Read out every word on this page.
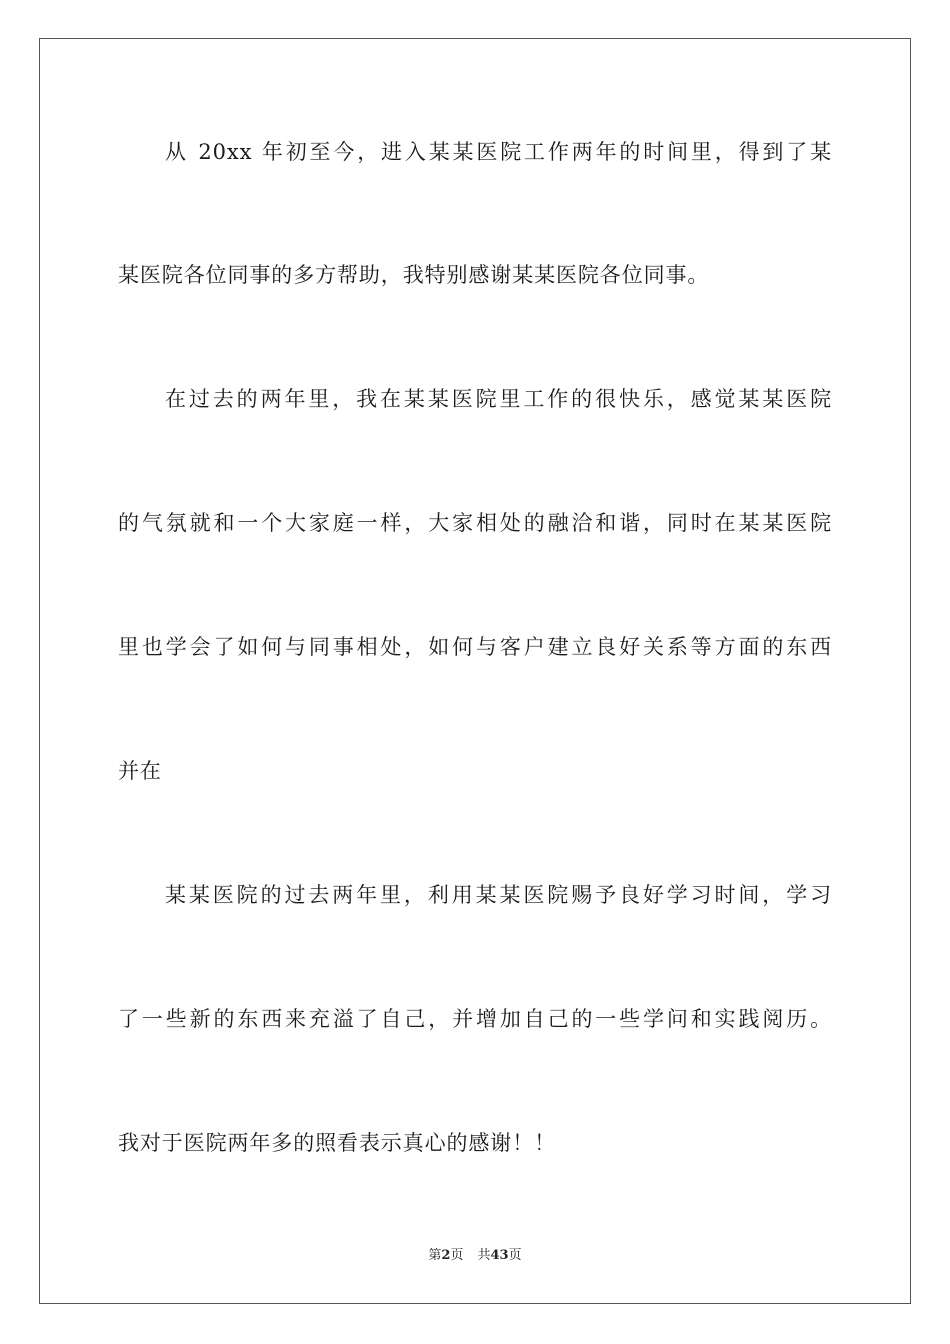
从 20xx 年初至今，进入某某医院工作两年的时间里，得到了某
某医院各位同事的多方帮助，我特别感谢某某医院各位同事。
在过去的两年里，我在某某医院里工作的很快乐，感觉某某医院
的气氛就和一个大家庭一样，大家相处的融洽和谐，同时在某某医院
里也学会了如何与同事相处，如何与客户建立良好关系等方面的东西
并在
某某医院的过去两年里，利用某某医院赐予良好学习时间，学习
了一些新的东西来充溢了自己，并增加自己的一些学问和实践阅历。
我对于医院两年多的照看表示真心的感谢！！
第2页 共43页
